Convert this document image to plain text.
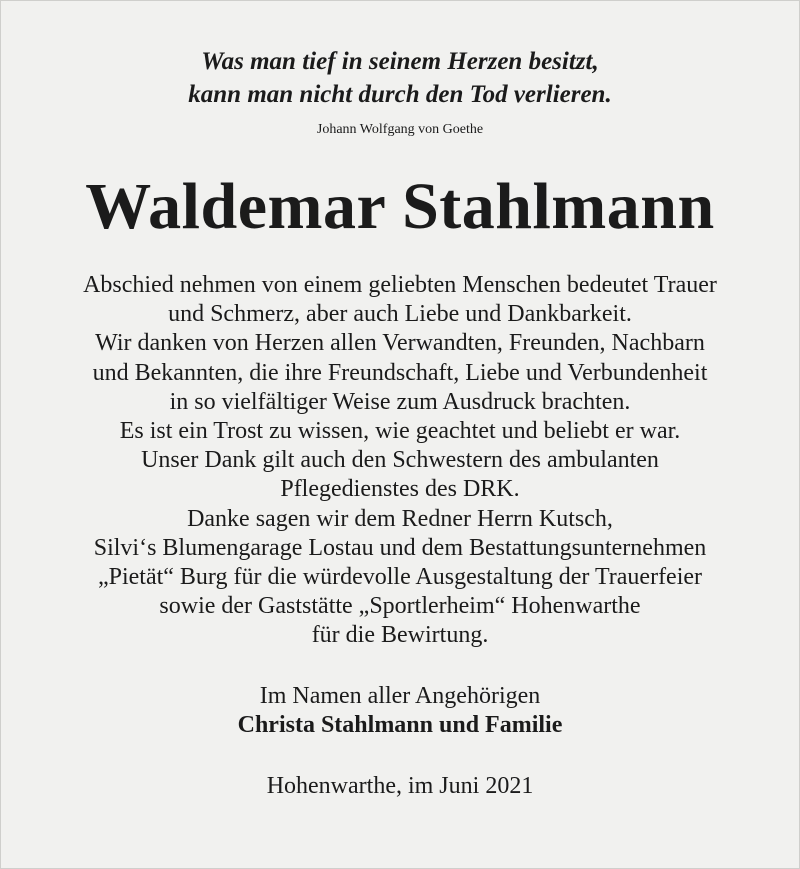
Was man tief in seinem Herzen besitzt,
kann man nicht durch den Tod verlieren.
Johann Wolfgang von Goethe
Waldemar Stahlmann
Abschied nehmen von einem geliebten Menschen bedeutet Trauer
und Schmerz, aber auch Liebe und Dankbarkeit.
Wir danken von Herzen allen Verwandten, Freunden, Nachbarn
und Bekannten, die ihre Freundschaft, Liebe und Verbundenheit
in so vielfältiger Weise zum Ausdruck brachten.
Es ist ein Trost zu wissen, wie geachtet und beliebt er war.
Unser Dank gilt auch den Schwestern des ambulanten
Pflegedienstes des DRK.
Danke sagen wir dem Redner Herrn Kutsch,
Silvi‘s Blumengarage Lostau und dem Bestattungsunternehmen
„Pietät“ Burg für die würdevolle Ausgestaltung der Trauerfeier
sowie der Gaststätte „Sportlerheim“ Hohenwarthe
für die Bewirtung.
Im Namen aller Angehörigen
Christa Stahlmann und Familie
Hohenwarthe, im Juni 2021
